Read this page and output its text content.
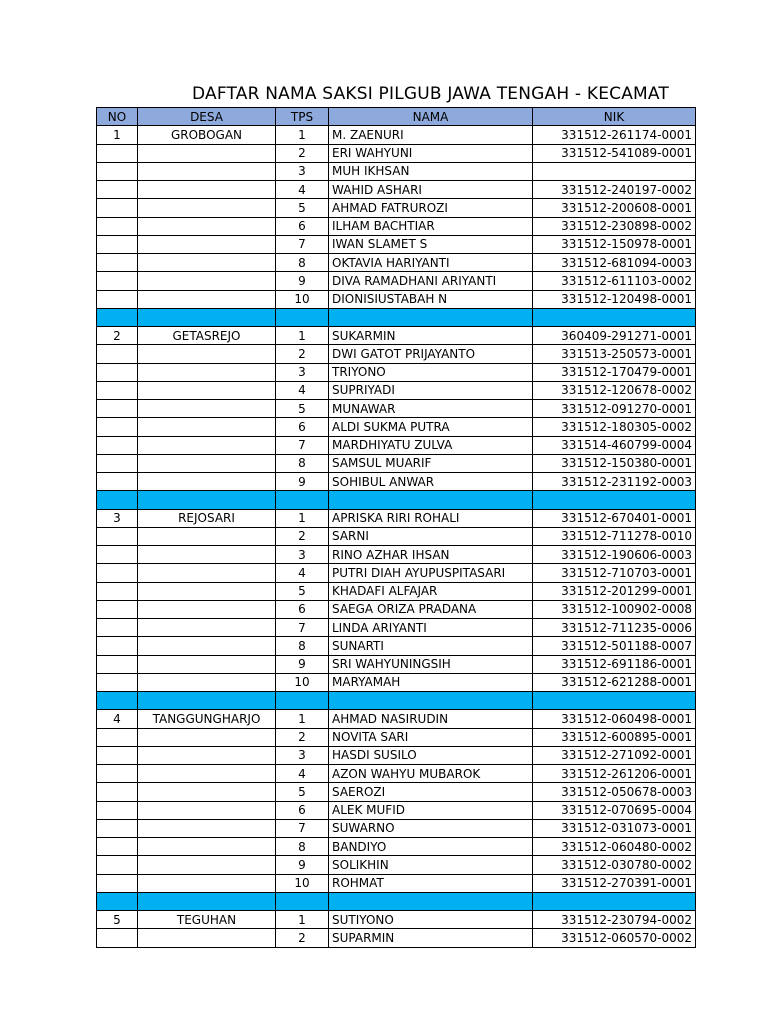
DAFTAR NAMA SAKSI PILGUB JAWA TENGAH - KECAMAT
NO	DESA	TPS	NAMA	NIK
1	GROBOGAN	1	M. ZAENURI	331512-261174-0001
		2	ERI WAHYUNI	331512-541089-0001
		3	MUH IKHSAN	
		4	WAHID ASHARI	331512-240197-0002
		5	AHMAD FATRUROZI	331512-200608-0001
		6	ILHAM BACHTIAR	331512-230898-0002
		7	IWAN SLAMET S	331512-150978-0001
		8	OKTAVIA HARIYANTI	331512-681094-0003
		9	DIVA RAMADHANI ARIYANTI	331512-611103-0002
		10	DIONISIUSTABAH N	331512-120498-0001

2	GETASREJO	1	SUKARMIN	360409-291271-0001
		2	DWI GATOT PRIJAYANTO	331513-250573-0001
		3	TRIYONO	331512-170479-0001
		4	SUPRIYADI	331512-120678-0002
		5	MUNAWAR	331512-091270-0001
		6	ALDI SUKMA PUTRA	331512-180305-0002
		7	MARDHIYATU ZULVA	331514-460799-0004
		8	SAMSUL MUARIF	331512-150380-0001
		9	SOHIBUL ANWAR	331512-231192-0003

3	REJOSARI	1	APRISKA RIRI ROHALI	331512-670401-0001
		2	SARNI	331512-711278-0010
		3	RINO AZHAR IHSAN	331512-190606-0003
		4	PUTRI DIAH AYUPUSPITASARI	331512-710703-0001
		5	KHADAFI ALFAJAR	331512-201299-0001
		6	SAEGA ORIZA PRADANA	331512-100902-0008
		7	LINDA ARIYANTI	331512-711235-0006
		8	SUNARTI	331512-501188-0007
		9	SRI WAHYUNINGSIH	331512-691186-0001
		10	MARYAMAH	331512-621288-0001

4	TANGGUNGHARJO	1	AHMAD NASIRUDIN	331512-060498-0001
		2	NOVITA SARI	331512-600895-0001
		3	HASDI SUSILO	331512-271092-0001
		4	AZON WAHYU MUBAROK	331512-261206-0001
		5	SAEROZI	331512-050678-0003
		6	ALEK MUFID	331512-070695-0004
		7	SUWARNO	331512-031073-0001
		8	BANDIYO	331512-060480-0002
		9	SOLIKHIN	331512-030780-0002
		10	ROHMAT	331512-270391-0001

5	TEGUHAN	1	SUTIYONO	331512-230794-0002
		2	SUPARMIN	331512-060570-0002
